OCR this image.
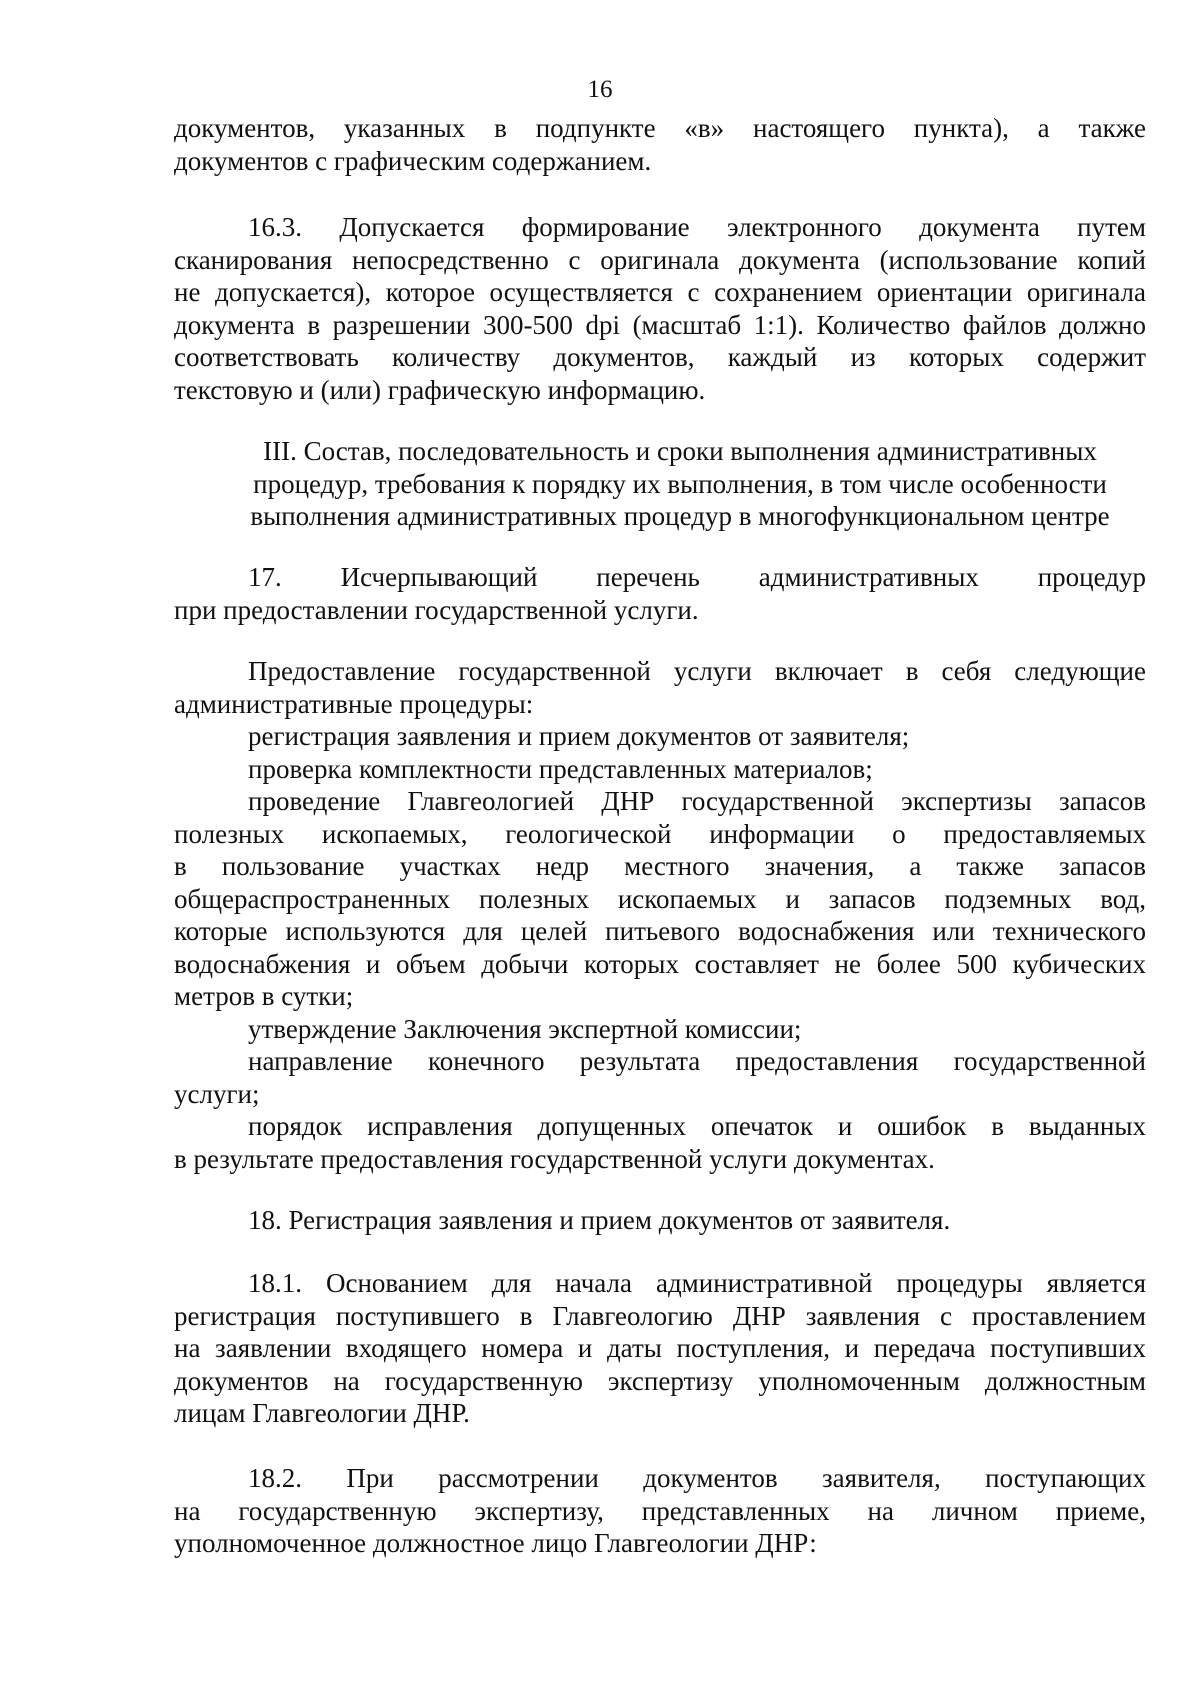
16
документов, указанных в подпункте «в» настоящего пункта), а также
документов с графическим содержанием.
16.3. Допускается формирование электронного документа путем
сканирования непосредственно с оригинала документа (использование копий
не допускается), которое осуществляется с сохранением ориентации оригинала
документа в разрешении 300-500 dpi (масштаб 1:1). Количество файлов должно
соответствовать количеству документов, каждый из которых содержит
текстовую и (или) графическую информацию.
III. Состав, последовательность и сроки выполнения административных
процедур, требования к порядку их выполнения, в том числе особенности
выполнения административных процедур в многофункциональном центре
17. Исчерпывающий перечень административных процедур
при предоставлении государственной услуги.
Предоставление государственной услуги включает в себя следующие
административные процедуры:
регистрация заявления и прием документов от заявителя;
проверка комплектности представленных материалов;
проведение Главгеологией ДНР государственной экспертизы запасов
полезных ископаемых, геологической информации о предоставляемых
в пользование участках недр местного значения, а также запасов
общераспространенных полезных ископаемых и запасов подземных вод,
которые используются для целей питьевого водоснабжения или технического
водоснабжения и объем добычи которых составляет не более 500 кубических
метров в сутки;
утверждение Заключения экспертной комиссии;
направление конечного результата предоставления государственной
услуги;
порядок исправления допущенных опечаток и ошибок в выданных
в результате предоставления государственной услуги документах.
18. Регистрация заявления и прием документов от заявителя.
18.1. Основанием для начала административной процедуры является
регистрация поступившего в Главгеологию ДНР заявления с проставлением
на заявлении входящего номера и даты поступления, и передача поступивших
документов на государственную экспертизу уполномоченным должностным
лицам Главгеологии ДНР.
18.2. При рассмотрении документов заявителя, поступающих
на государственную экспертизу, представленных на личном приеме,
уполномоченное должностное лицо Главгеологии ДНР:
